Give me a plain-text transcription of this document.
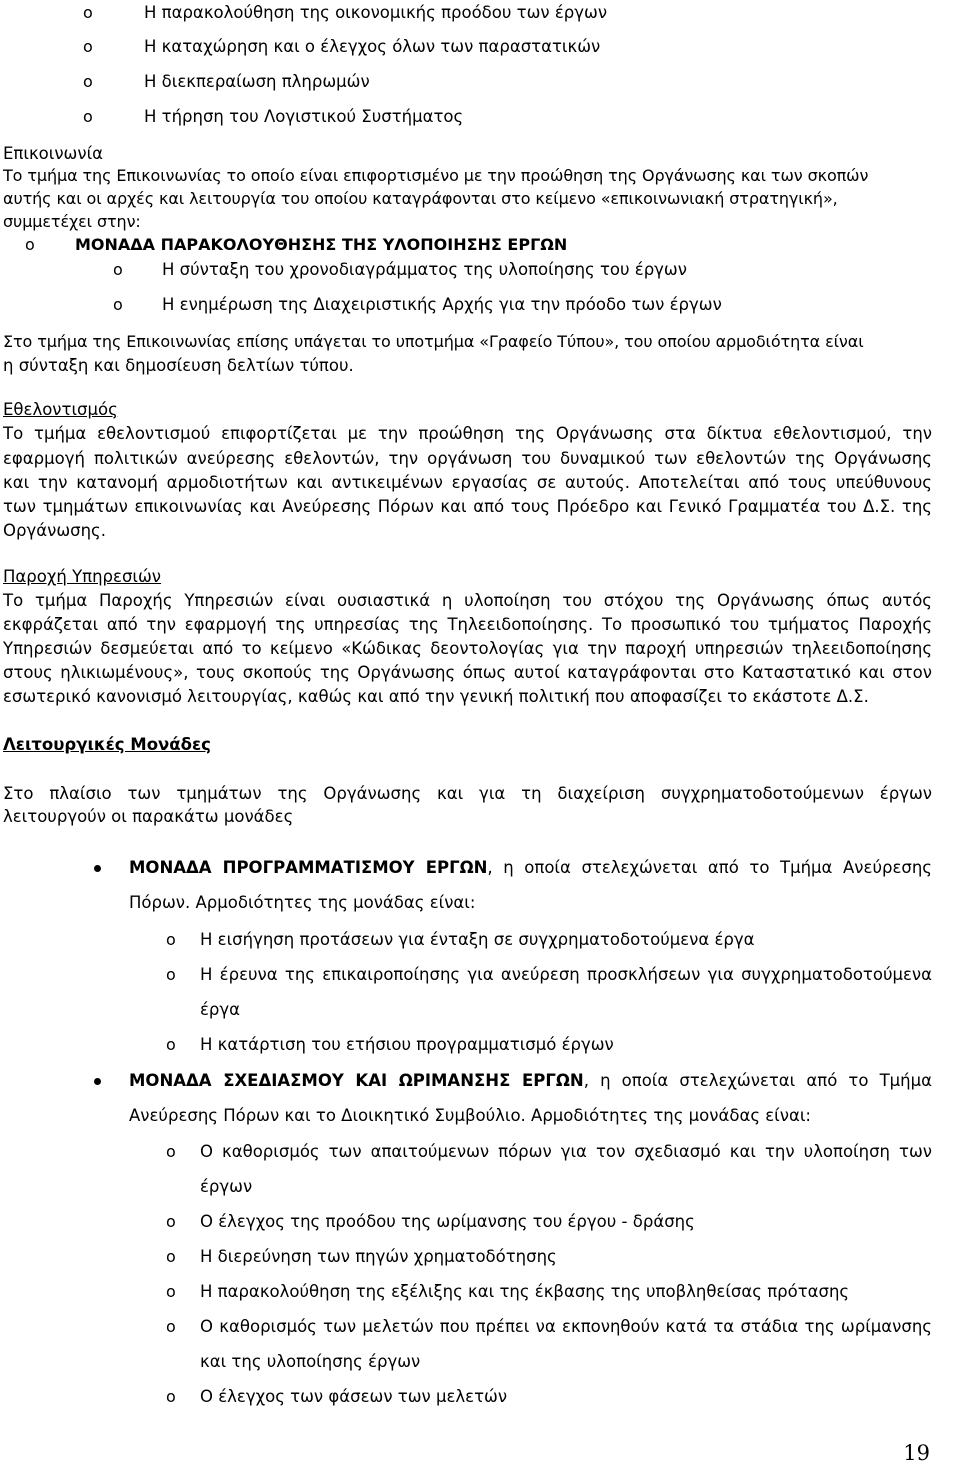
o	Η παρακολούθηση της οικονομικής προόδου των έργων
o	Η καταχώρηση και ο έλεγχος όλων των παραστατικών
o	Η διεκπεραίωση πληρωμών
o	Η τήρηση του Λογιστικού Συστήματος
Επικοινωνία
Το τμήμα της Επικοινωνίας το οποίο είναι επιφορτισμένο με την προώθηση της Οργάνωσης και των σκοπών
αυτής και οι αρχές και λειτουργία του οποίου καταγράφονται στο κείμενο «επικοινωνιακή στρατηγική»,
συμμετέχει στην:
o	ΜΟΝΑΔΑ ΠΑΡΑΚΟΛΟΥΘΗΣΗΣ ΤΗΣ ΥΛΟΠΟΙΗΣΗΣ ΕΡΓΩΝ
o Η σύνταξη του χρονοδιαγράμματος της υλοποίησης του έργων
o Η ενημέρωση της Διαχειριστικής Αρχής για την πρόοδο των έργων
Στο τμήμα της Επικοινωνίας επίσης υπάγεται το υποτμήμα «Γραφείο Τύπου», του οποίου αρμοδιότητα είναι
η σύνταξη και δημοσίευση δελτίων τύπου.
Εθελοντισμός
Το τμήμα εθελοντισμού επιφορτίζεται με την προώθηση της Οργάνωσης στα δίκτυα εθελοντισμού, την
εφαρμογή πολιτικών ανεύρεσης εθελοντών, την οργάνωση του δυναμικού των εθελοντών της Οργάνωσης
και την κατανομή αρμοδιοτήτων και αντικειμένων εργασίας σε αυτούς. Αποτελείται από τους υπεύθυνους
των τμημάτων επικοινωνίας και Ανεύρεσης Πόρων και από τους Πρόεδρο και Γενικό Γραμματέα του Δ.Σ. της
Οργάνωσης.
Παροχή Υπηρεσιών
Το τμήμα Παροχής Υπηρεσιών είναι ουσιαστικά η υλοποίηση του στόχου της Οργάνωσης όπως αυτός
εκφράζεται από την εφαρμογή της υπηρεσίας της Τηλεειδοποίησης. Το προσωπικό του τμήματος Παροχής
Υπηρεσιών δεσμεύεται από το κείμενο «Κώδικας δεοντολογίας για την παροχή υπηρεσιών τηλεειδοποίησης
στους ηλικιωμένους», τους σκοπούς της Οργάνωσης όπως αυτοί καταγράφονται στο Καταστατικό και στον
εσωτερικό κανονισμό λειτουργίας, καθώς και από την γενική πολιτική που αποφασίζει το εκάστοτε Δ.Σ.
Λειτουργικές Μονάδες
Στο πλαίσιο των τμημάτων της Οργάνωσης και για τη διαχείριση συγχρηματοδοτούμενων έργων
λειτουργούν οι παρακάτω μονάδες
ΜΟΝΑΔΑ ΠΡΟΓΡΑΜΜΑΤΙΣΜΟΥ ΕΡΓΩΝ, η οποία στελεχώνεται από το Τμήμα Ανεύρεσης
Πόρων. Αρμοδιότητες της μονάδας είναι:
o Η εισήγηση προτάσεων για ένταξη σε συγχρηματοδοτούμενα έργα
o Η έρευνα της επικαιροποίησης για ανεύρεση προσκλήσεων για συγχρηματοδοτούμενα
έργα
o Η κατάρτιση του ετήσιου προγραμματισμό έργων
ΜΟΝΑΔΑ ΣΧΕΔΙΑΣΜΟΥ ΚΑΙ ΩΡΙΜΑΝΣΗΣ ΕΡΓΩΝ, η οποία στελεχώνεται από το Τμήμα
Ανεύρεσης Πόρων και το Διοικητικό Συμβούλιο. Αρμοδιότητες της μονάδας είναι:
o Ο καθορισμός των απαιτούμενων πόρων για τον σχεδιασμό και την υλοποίηση των
έργων
o Ο έλεγχος της προόδου της ωρίμανσης του έργου - δράσης
o Η διερεύνηση των πηγών χρηματοδότησης
o Η παρακολούθηση της εξέλιξης και της έκβασης της υποβληθείσας πρότασης
o Ο καθορισμός των μελετών που πρέπει να εκπονηθούν κατά τα στάδια της ωρίμανσης
και της υλοποίησης έργων
o Ο έλεγχος των φάσεων των μελετών
19
